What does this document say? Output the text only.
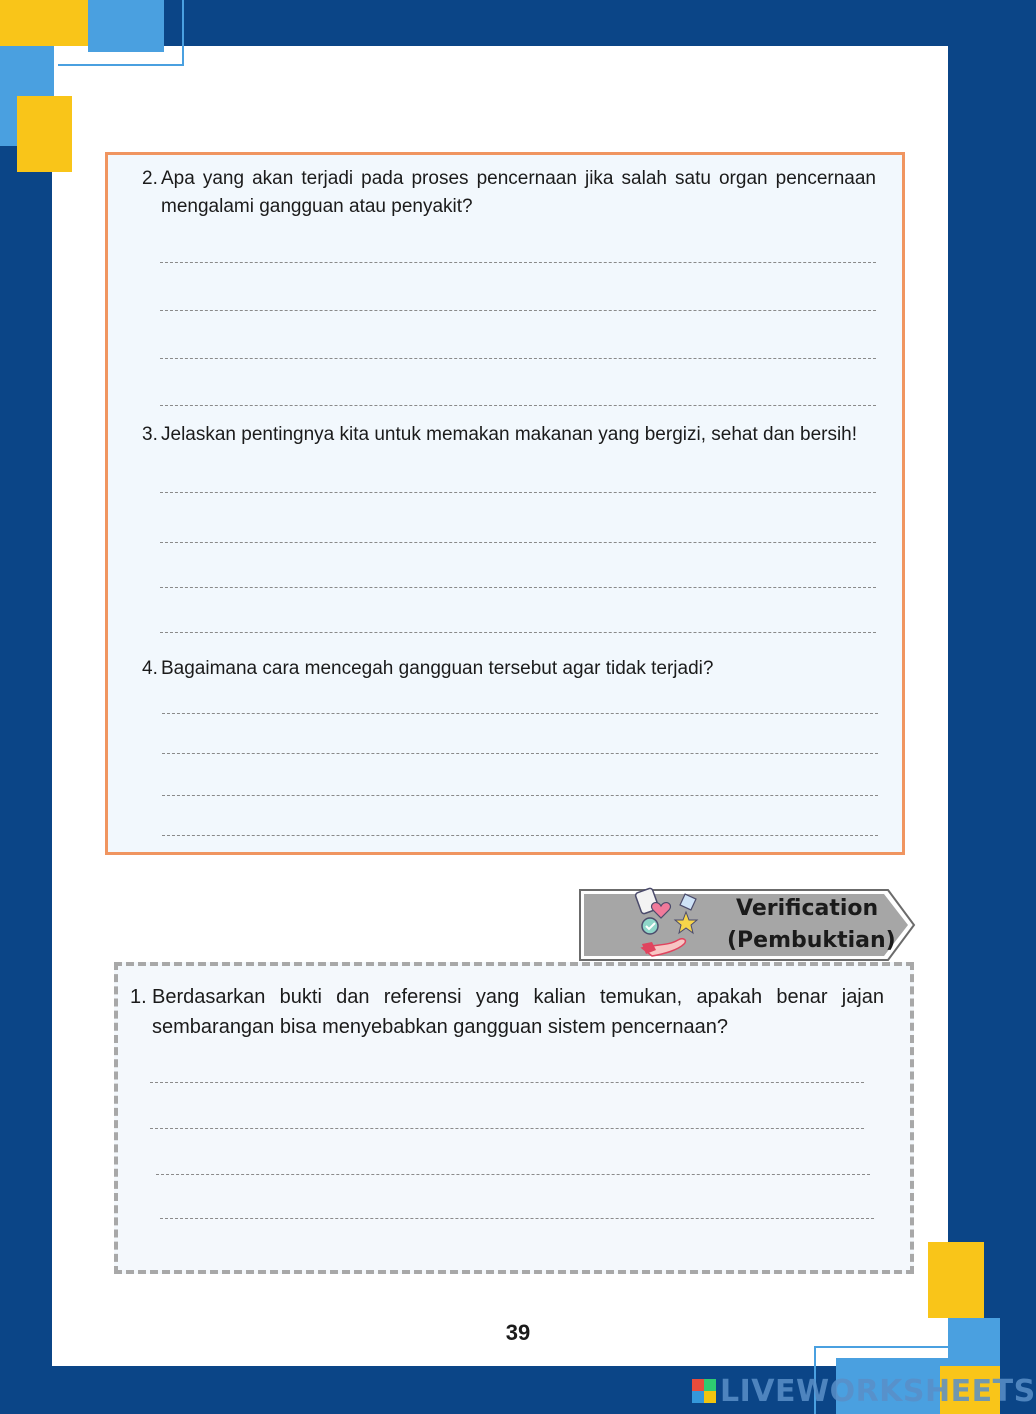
2. Apa yang akan terjadi pada proses pencernaan jika salah satu organ pencernaan mengalami gangguan atau penyakit?
3. Jelaskan pentingnya kita untuk memakan makanan yang bergizi, sehat dan bersih!
4. Bagaimana cara mencegah gangguan tersebut agar tidak terjadi?
Verification
(Pembuktian)
1. Berdasarkan bukti dan referensi yang kalian temukan, apakah benar jajan sembarangan bisa menyebabkan gangguan sistem pencernaan?
39
LIVEWORKSHEETS
